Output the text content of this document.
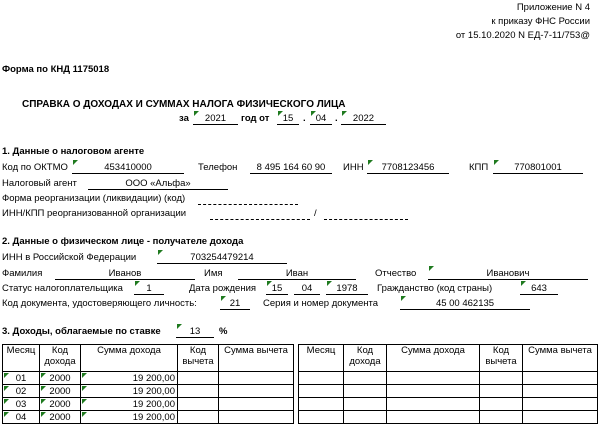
Приложение N 4
к приказу ФНС России
от 15.10.2020 N ЕД-7-11/753@
Форма по КНД 1175018
СПРАВКА О ДОХОДАХ И СУММАХ НАЛОГА ФИЗИЧЕСКОГО ЛИЦА
за	2021	год от	15	.	04 .	2022
1. Данные о налоговом агенте
Код по ОКТМО	453410000	Телефон	8 495 164 60 90	ИНН	7708123456	КПП	770801001
Налоговый агент	ООО «Альфа»
Форма реорганизации (ликвидации) (код)
ИНН/КПП реорганизованной организации	/
2. Данные о физическом лице - получателе дохода
ИНН в Российской Федерации	703254479214
Фамилия	Иванов	Имя	Иван	Отчество	Иванович
Статус налогоплательщика	1	Дата рождения	15	04	1978	Гражданство (код страны)	643
Код документа, удостоверяющего личность:	21	Серия и номер документа	45 00 462135
3. Доходы, облагаемые по ставке	13	%
Месяц	Код дохода	Сумма дохода	Код вычета	Сумма вычета

01	2000	19 200,00		

02	2000	19 200,00		

03	2000	19 200,00		

04	2000	19 200,00		
Месяц	Код дохода	Сумма дохода	Код вычета	Сумма вычета
